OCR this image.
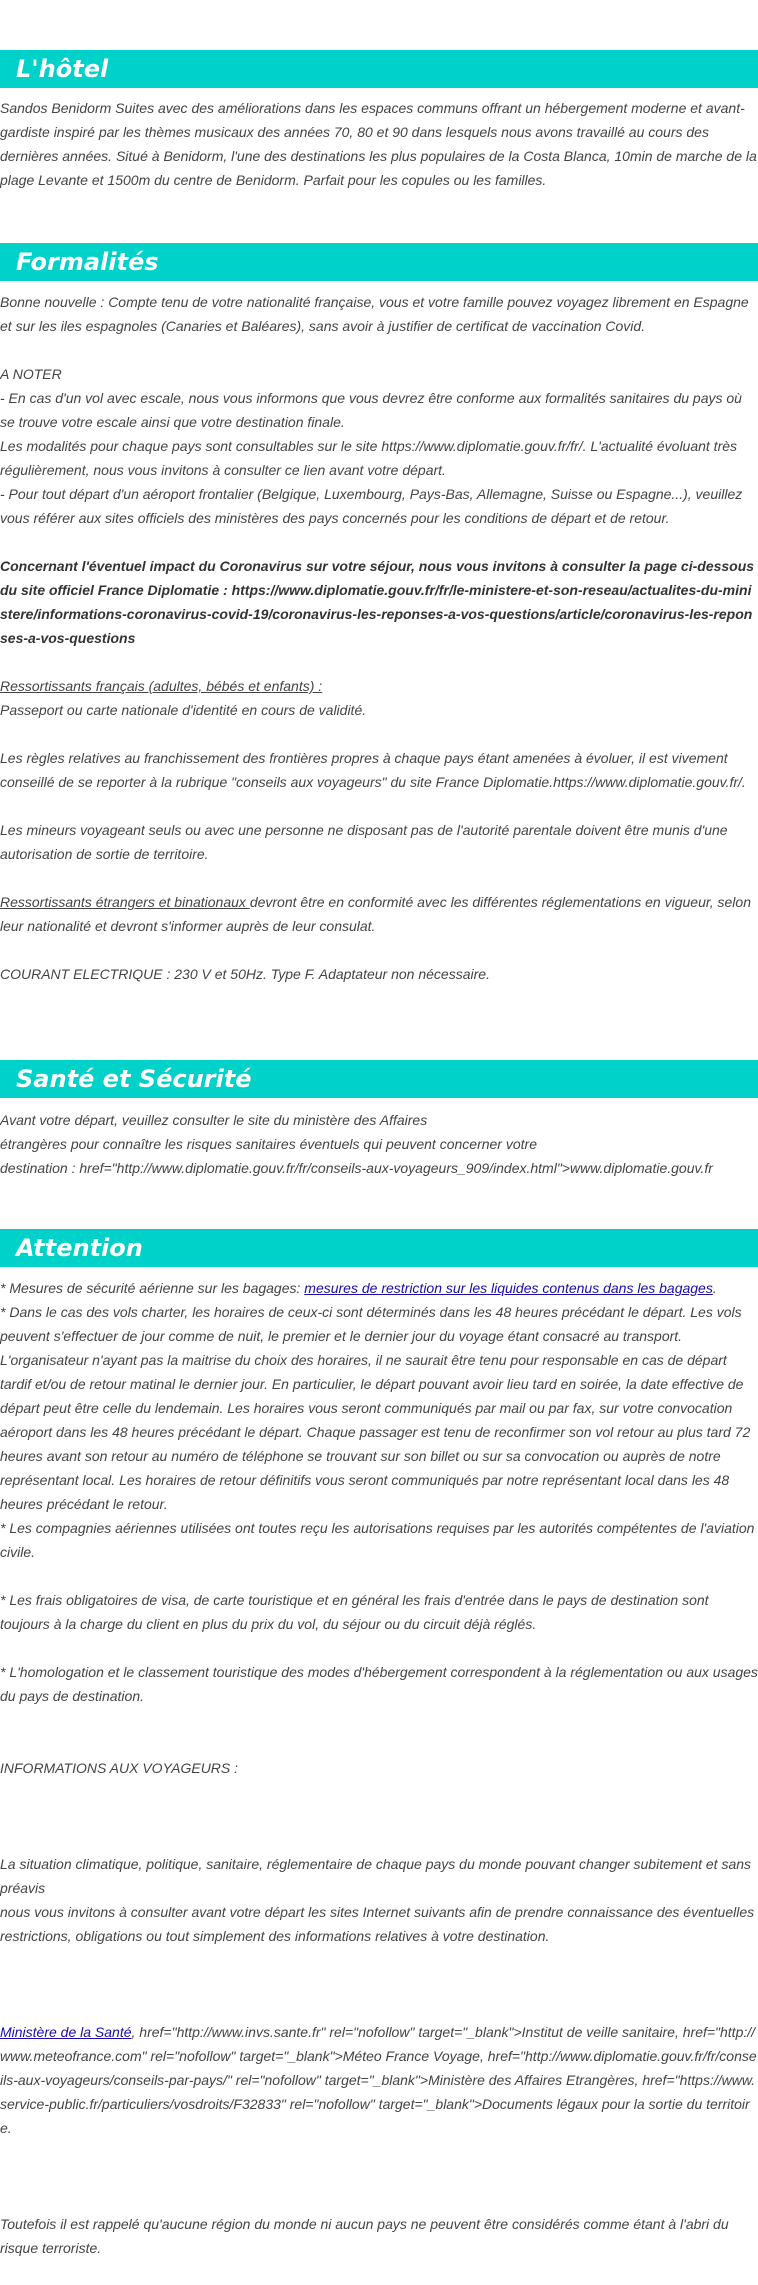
L'hôtel

Sandos Benidorm Suites avec des améliorations dans les espaces communs offrant un hébergement moderne et avant-gardiste inspiré par les thèmes musicaux des années 70, 80 et 90 dans lesquels nous avons travaillé au cours des dernières années. Situé à Benidorm, l'une des destinations les plus populaires de la Costa Blanca, 10min de marche de la plage Levante et 1500m du centre de Benidorm. Parfait pour les copules ou les familles.

Formalités

Bonne nouvelle : Compte tenu de votre nationalité française, vous et votre famille pouvez voyagez librement en Espagne et sur les iles espagnoles (Canaries et Baléares), sans avoir à justifier de certificat de vaccination Covid.

A NOTER

- En cas d'un vol avec escale, nous vous informons que vous devrez être conforme aux formalités sanitaires du pays où se trouve votre escale ainsi que votre destination finale.

Les modalités pour chaque pays sont consultables sur le site https://www.diplomatie.gouv.fr/fr/. L'actualité évoluant très régulièrement, nous vous invitons à consulter ce lien avant votre départ.

- Pour tout départ d'un aéroport frontalier (Belgique, Luxembourg, Pays-Bas, Allemagne, Suisse ou Espagne...), veuillez vous référer aux sites officiels des ministères des pays concernés pour les conditions de départ et de retour.

Concernant l'éventuel impact du Coronavirus sur votre séjour, nous vous invitons à consulter la page ci-dessous du site officiel France Diplomatie : https://www.diplomatie.gouv.fr/fr/le-ministere-et-son-reseau/actualites-du-ministere/informations-coronavirus-covid-19/coronavirus-les-reponses-a-vos-questions/article/coronavirus-les-reponses-a-vos-questions

Ressortissants français (adultes, bébés et enfants) :

Passeport ou carte nationale d'identité en cours de validité.

Les règles relatives au franchissement des frontières propres à chaque pays étant amenées à évoluer, il est vivement conseillé de se reporter à la rubrique "conseils aux voyageurs" du site France Diplomatie.https://www.diplomatie.gouv.fr/.

Les mineurs voyageant seuls ou avec une personne ne disposant pas de l'autorité parentale doivent être munis d'une autorisation de sortie de territoire.

Ressortissants étrangers et binationaux devront être en conformité avec les différentes réglementations en vigueur, selon leur nationalité et devront s'informer auprès de leur consulat.

COURANT ELECTRIQUE : 230 V et 50Hz. Type F. Adaptateur non nécessaire.

Santé et Sécurité

Avant votre départ, veuillez consulter le site du ministère des Affaires

étrangères pour connaître les risques sanitaires éventuels qui peuvent concerner votre

destination : href="http://www.diplomatie.gouv.fr/fr/conseils-aux-voyageurs_909/index.html">www.diplomatie.gouv.fr

Attention

* Mesures de sécurité aérienne sur les bagages: mesures de restriction sur les liquides contenus dans les bagages.

* Dans le cas des vols charter, les horaires de ceux-ci sont déterminés dans les 48 heures précédant le départ. Les vols peuvent s'effectuer de jour comme de nuit, le premier et le dernier jour du voyage étant consacré au transport. L'organisateur n'ayant pas la maitrise du choix des horaires, il ne saurait être tenu pour responsable en cas de départ tardif et/ou de retour matinal le dernier jour. En particulier, le départ pouvant avoir lieu tard en soirée, la date effective de départ peut être celle du lendemain. Les horaires vous seront communiqués par mail ou par fax, sur votre convocation aéroport dans les 48 heures précédant le départ. Chaque passager est tenu de reconfirmer son vol retour au plus tard 72 heures avant son retour au numéro de téléphone se trouvant sur son billet ou sur sa convocation ou auprès de notre représentant local. Les horaires de retour définitifs vous seront communiqués par notre représentant local dans les 48 heures précédant le retour.

* Les compagnies aériennes utilisées ont toutes reçu les autorisations requises par les autorités compétentes de l'aviation civile.

* Les frais obligatoires de visa, de carte touristique et en général les frais d'entrée dans le pays de destination sont toujours à la charge du client en plus du prix du vol, du séjour ou du circuit déjà réglés.

* L'homologation et le classement touristique des modes d'hébergement correspondent à la réglementation ou aux usages du pays de destination.

INFORMATIONS AUX VOYAGEURS :

La situation climatique, politique, sanitaire, réglementaire de chaque pays du monde pouvant changer subitement et sans préavis

nous vous invitons à consulter avant votre départ les sites Internet suivants afin de prendre connaissance des éventuelles restrictions, obligations ou tout simplement des informations relatives à votre destination.

Ministère de la Santé, href="http://www.invs.sante.fr" rel="nofollow" target="_blank">Institut de veille sanitaire, href="http://www.meteofrance.com" rel="nofollow" target="_blank">Méteo France Voyage, href="http://www.diplomatie.gouv.fr/fr/conseils-aux-voyageurs/conseils-par-pays/" rel="nofollow" target="_blank">Ministère des Affaires Etrangères, href="https://www.service-public.fr/particuliers/vosdroits/F32833" rel="nofollow" target="_blank">Documents légaux pour la sortie du territoire.

Toutefois il est rappelé qu'aucune région du monde ni aucun pays ne peuvent être considérés comme étant à l'abri du risque terroriste.
